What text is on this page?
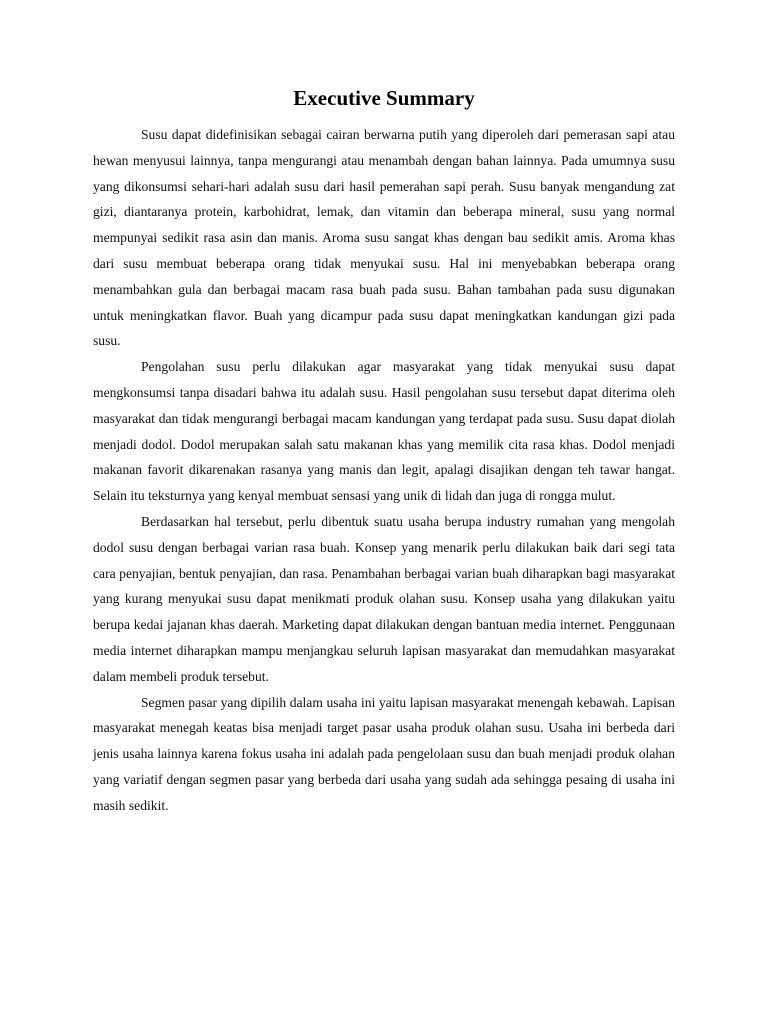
Executive Summary

Susu dapat didefinisikan sebagai cairan berwarna putih yang diperoleh dari pemerasan sapi atau hewan menyusui lainnya, tanpa mengurangi atau menambah dengan bahan lainnya. Pada umumnya susu yang dikonsumsi sehari-hari adalah susu dari hasil pemerahan sapi perah. Susu banyak mengandung zat gizi, diantaranya protein, karbohidrat, lemak, dan vitamin dan beberapa mineral, susu yang normal mempunyai sedikit rasa asin dan manis. Aroma susu sangat khas dengan bau sedikit amis. Aroma khas dari susu membuat beberapa orang tidak menyukai susu. Hal ini menyebabkan beberapa orang menambahkan gula dan berbagai macam rasa buah pada susu. Bahan tambahan pada susu digunakan untuk meningkatkan flavor. Buah yang dicampur pada susu dapat meningkatkan kandungan gizi pada susu.

Pengolahan susu perlu dilakukan agar masyarakat yang tidak menyukai susu dapat mengkonsumsi tanpa disadari bahwa itu adalah susu. Hasil pengolahan susu tersebut dapat diterima oleh masyarakat dan tidak mengurangi berbagai macam kandungan yang terdapat pada susu. Susu dapat diolah menjadi dodol. Dodol merupakan salah satu makanan khas yang memilik cita rasa khas. Dodol menjadi makanan favorit dikarenakan rasanya yang manis dan legit, apalagi disajikan dengan teh tawar hangat. Selain itu teksturnya yang kenyal membuat sensasi yang unik di lidah dan juga di rongga mulut.

Berdasarkan hal tersebut, perlu dibentuk suatu usaha berupa industry rumahan yang mengolah dodol susu dengan berbagai varian rasa buah. Konsep yang menarik perlu dilakukan baik dari segi tata cara penyajian, bentuk penyajian, dan rasa. Penambahan berbagai varian buah diharapkan bagi masyarakat yang kurang menyukai susu dapat menikmati produk olahan susu. Konsep usaha yang dilakukan yaitu berupa kedai jajanan khas daerah. Marketing dapat dilakukan dengan bantuan media internet. Penggunaan media internet diharapkan mampu menjangkau seluruh lapisan masyarakat dan memudahkan masyarakat dalam membeli produk tersebut.

Segmen pasar yang dipilih dalam usaha ini yaitu lapisan masyarakat menengah kebawah. Lapisan masyarakat menegah keatas bisa menjadi target pasar usaha produk olahan susu. Usaha ini berbeda dari jenis usaha lainnya karena fokus usaha ini adalah pada pengelolaan susu dan buah menjadi produk olahan yang variatif dengan segmen pasar yang berbeda dari usaha yang sudah ada sehingga pesaing di usaha ini masih sedikit.
